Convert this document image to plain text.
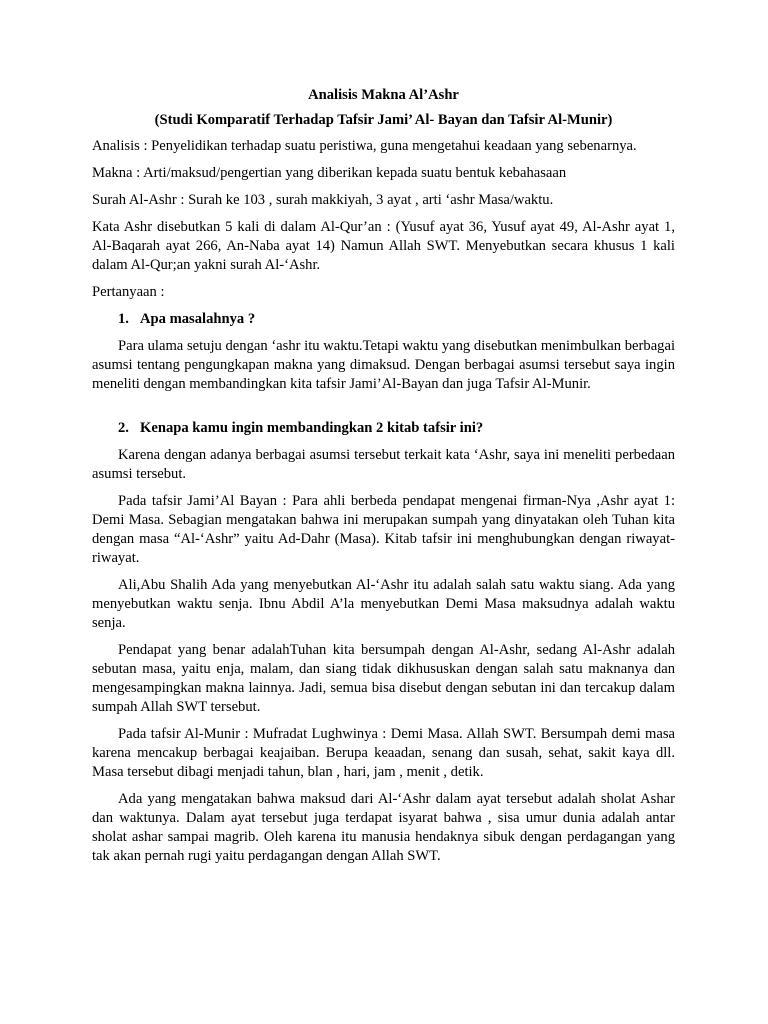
Analisis Makna Al’Ashr

(Studi Komparatif Terhadap Tafsir Jami’ Al- Bayan dan Tafsir Al-Munir)

Analisis : Penyelidikan terhadap suatu peristiwa, guna mengetahui keadaan yang sebenarnya.

Makna : Arti/maksud/pengertian yang diberikan kepada suatu bentuk kebahasaan

Surah Al-Ashr : Surah ke 103 , surah makkiyah, 3 ayat , arti ‘ashr Masa/waktu.

Kata Ashr disebutkan 5 kali di dalam Al-Qur’an : (Yusuf ayat 36, Yusuf ayat 49, Al-Ashr ayat 1, Al-Baqarah ayat 266, An-Naba ayat 14) Namun Allah SWT. Menyebutkan secara khusus 1 kali dalam Al-Qur;an yakni surah Al-‘Ashr.

Pertanyaan :

1. Apa masalahnya ?

Para ulama setuju dengan ‘ashr itu waktu.Tetapi waktu yang disebutkan menimbulkan berbagai asumsi tentang pengungkapan makna yang dimaksud. Dengan berbagai asumsi tersebut saya ingin meneliti dengan membandingkan kita tafsir Jami’Al-Bayan dan juga Tafsir Al-Munir.

2. Kenapa kamu ingin membandingkan 2 kitab tafsir ini?

Karena dengan adanya berbagai asumsi tersebut terkait kata ‘Ashr, saya ini meneliti perbedaan asumsi tersebut.

Pada tafsir Jami’Al Bayan : Para ahli berbeda pendapat mengenai firman-Nya ,Ashr ayat 1: Demi Masa. Sebagian mengatakan bahwa ini merupakan sumpah yang dinyatakan oleh Tuhan kita dengan masa “Al-‘Ashr” yaitu Ad-Dahr (Masa). Kitab tafsir ini menghubungkan dengan riwayat-riwayat.

Ali,Abu Shalih Ada yang menyebutkan Al-‘Ashr itu adalah salah satu waktu siang. Ada yang menyebutkan waktu senja. Ibnu Abdil A’la menyebutkan Demi Masa maksudnya adalah waktu senja.

Pendapat yang benar adalahTuhan kita bersumpah dengan Al-Ashr, sedang Al-Ashr adalah sebutan masa, yaitu enja, malam, dan siang tidak dikhususkan dengan salah satu maknanya dan mengesampingkan makna lainnya. Jadi, semua bisa disebut dengan sebutan ini dan tercakup dalam sumpah Allah SWT tersebut.

Pada tafsir Al-Munir : Mufradat Lughwinya : Demi Masa. Allah SWT. Bersumpah demi masa karena mencakup berbagai keajaiban. Berupa keaadan, senang dan susah, sehat, sakit kaya dll. Masa tersebut dibagi menjadi tahun, blan , hari, jam , menit , detik.

Ada yang mengatakan bahwa maksud dari Al-‘Ashr dalam ayat tersebut adalah sholat Ashar dan waktunya. Dalam ayat tersebut juga terdapat isyarat bahwa , sisa umur dunia adalah antar sholat ashar sampai magrib. Oleh karena itu manusia hendaknya sibuk dengan perdagangan yang tak akan pernah rugi yaitu perdagangan dengan Allah SWT.
